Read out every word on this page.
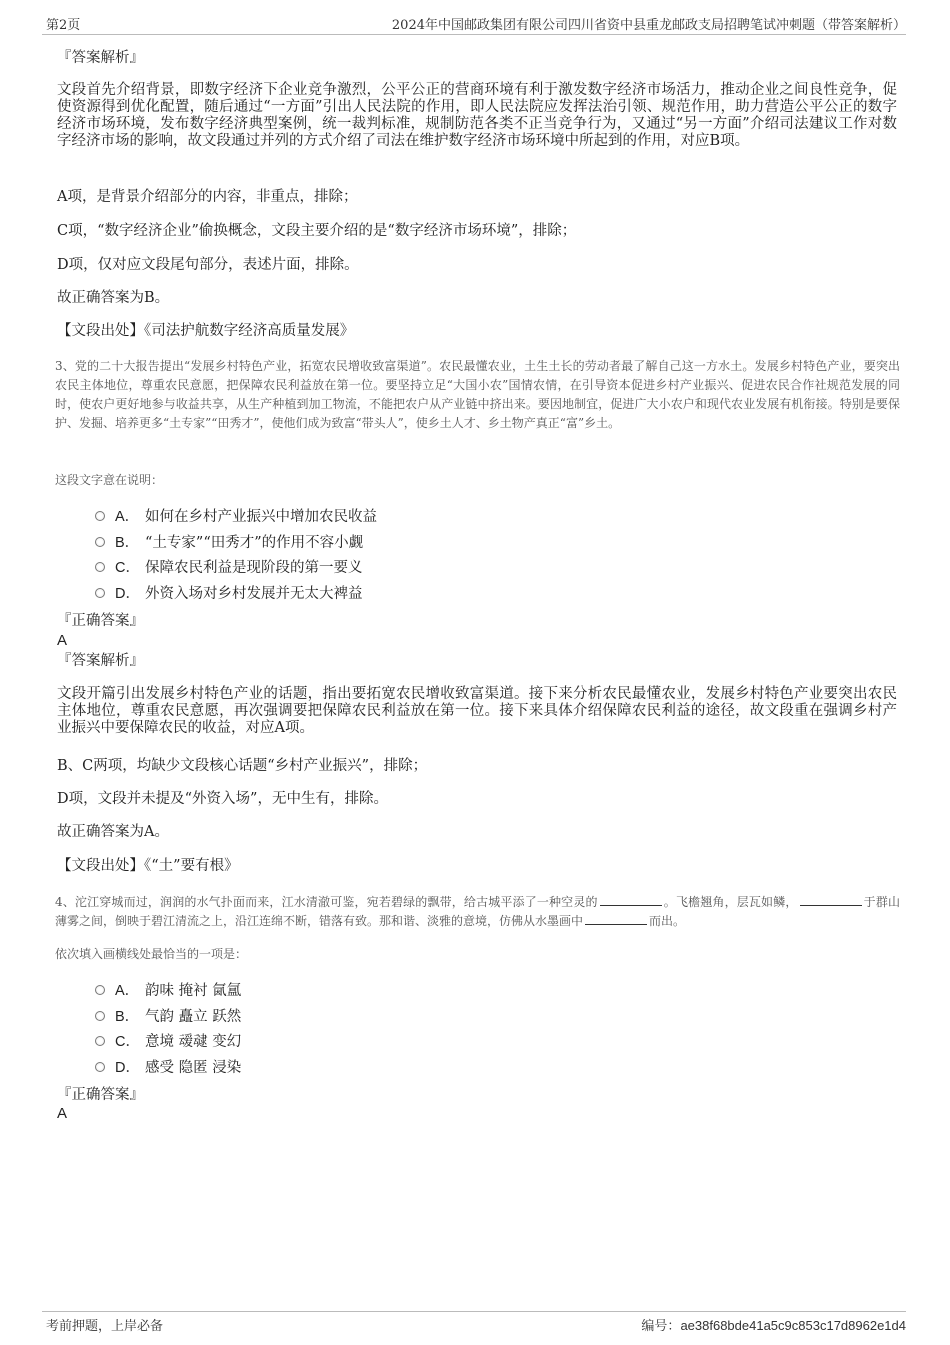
第2页	2024年中国邮政集团有限公司四川省资中县重龙邮政支局招聘笔试冲刺题（带答案解析）
『答案解析』

文段首先介绍背景，即数字经济下企业竞争激烈，公平公正的营商环境有利于激发数字经济市场活力，推动企业之间良性竞争，促使资源得到优化配置，随后通过“一方面”引出人民法院的作用，即人民法院应发挥法治引领、规范作用，助力营造公平公正的数字经济市场环境，发布数字经济典型案例，统一裁判标准，规制防范各类不正当竞争行为，又通过“另一方面”介绍司法建议工作对数字经济市场的影响，故文段通过并列的方式介绍了司法在维护数字经济市场环境中所起到的作用，对应B项。

A项，是背景介绍部分的内容，非重点，排除；
C项，“数字经济企业”偷换概念，文段主要介绍的是“数字经济市场环境”，排除；
D项，仅对应文段尾句部分，表述片面，排除。
故正确答案为B。
【文段出处】《司法护航数字经济高质量发展》

3、党的二十大报告提出“发展乡村特色产业，拓宽农民增收致富渠道”。农民最懂农业，土生土长的劳动者最了解自己这一方水土。发展乡村特色产业，要突出农民主体地位，尊重农民意愿，把保障农民利益放在第一位。要坚持立足“大国小农”国情农情，在引导资本促进乡村产业振兴、促进农民合作社规范发展的同时，使农户更好地参与收益共享，从生产种植到加工物流，不能把农户从产业链中挤出来。要因地制宜，促进广大小农户和现代农业发展有机衔接。特别是要保护、发掘、培养更多“土专家”“田秀才”，使他们成为致富“带头人”，使乡土人才、乡土物产真正“富”乡土。

这段文字意在说明：
A． 如何在乡村产业振兴中增加农民收益
B． “土专家”“田秀才”的作用不容小觑
C． 保障农民利益是现阶段的第一要义
D． 外资入场对乡村发展并无太大裨益
『正确答案』
A
『答案解析』

文段开篇引出发展乡村特色产业的话题，指出要拓宽农民增收致富渠道。接下来分析农民最懂农业，发展乡村特色产业要突出农民主体地位，尊重农民意愿，再次强调要把保障农民利益放在第一位。接下来具体介绍保障农民利益的途径，故文段重在强调乡村产业振兴中要保障农民的收益，对应A项。

B、C两项，均缺少文段核心话题“乡村产业振兴”，排除；
D项，文段并未提及“外资入场”，无中生有，排除。
故正确答案为A。
【文段出处】《“土”要有根》

4、沱江穿城而过，润润的水气扑面而来，江水清澈可鉴，宛若碧绿的飘带，给古城平添了一种空灵的	。飞檐翘角，层瓦如鳞，	于群山薄雾之间，倒映于碧江清流之上，沿江连绵不断，错落有致。那和谐、淡雅的意境，仿佛从水墨画中	而出。

依次填入画横线处最恰当的一项是：
A． 韵味 掩衬 氤氲
B． 气韵 矗立 跃然
C． 意境 叆叇 变幻
D． 感受 隐匿 浸染
『正确答案』
A
考前押题，上岸必备	编号：ae38f68bde41a5c9c853c17d8962e1d4
